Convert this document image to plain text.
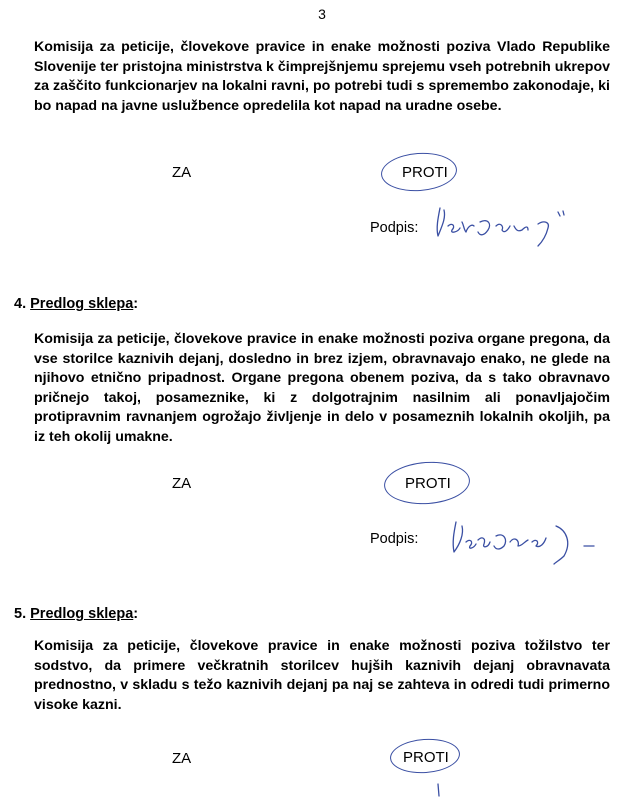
3

Komisija za peticije, človekove pravice in enake možnosti poziva Vlado Republike Slovenije ter pristojna ministrstva k čimprejšnjemu sprejemu vseh potrebnih ukrepov za zaščito funkcionarjev na lokalni ravni, po potrebi tudi s spremembo zakonodaje, ki bo napad na javne uslužbence opredelila kot napad na uradne osebe.

ZA	PROTI
Podpis:
4. Predlog sklepa:

Komisija za peticije, človekove pravice in enake možnosti poziva organe pregona, da vse storilce kaznivih dejanj, dosledno in brez izjem, obravnavajo enako, ne glede na njihovo etnično pripadnost. Organe pregona obenem poziva, da s tako obravnavo pričnejo takoj, posameznike, ki z dolgotrajnim nasilnim ali ponavljajočim protipravnim ravnanjem ogrožajo življenje in delo v posameznih lokalnih okoljih, pa iz teh okolij umakne.

ZA	PROTI
Podpis:
5. Predlog sklepa:

Komisija za peticije, človekove pravice in enake možnosti poziva tožilstvo ter sodstvo, da primere večkratnih storilcev hujših kaznivih dejanj obravnavata prednostno, v skladu s težo kaznivih dejanj pa naj se zahteva in odredi tudi primerno visoke kazni.

ZA	PROTI
